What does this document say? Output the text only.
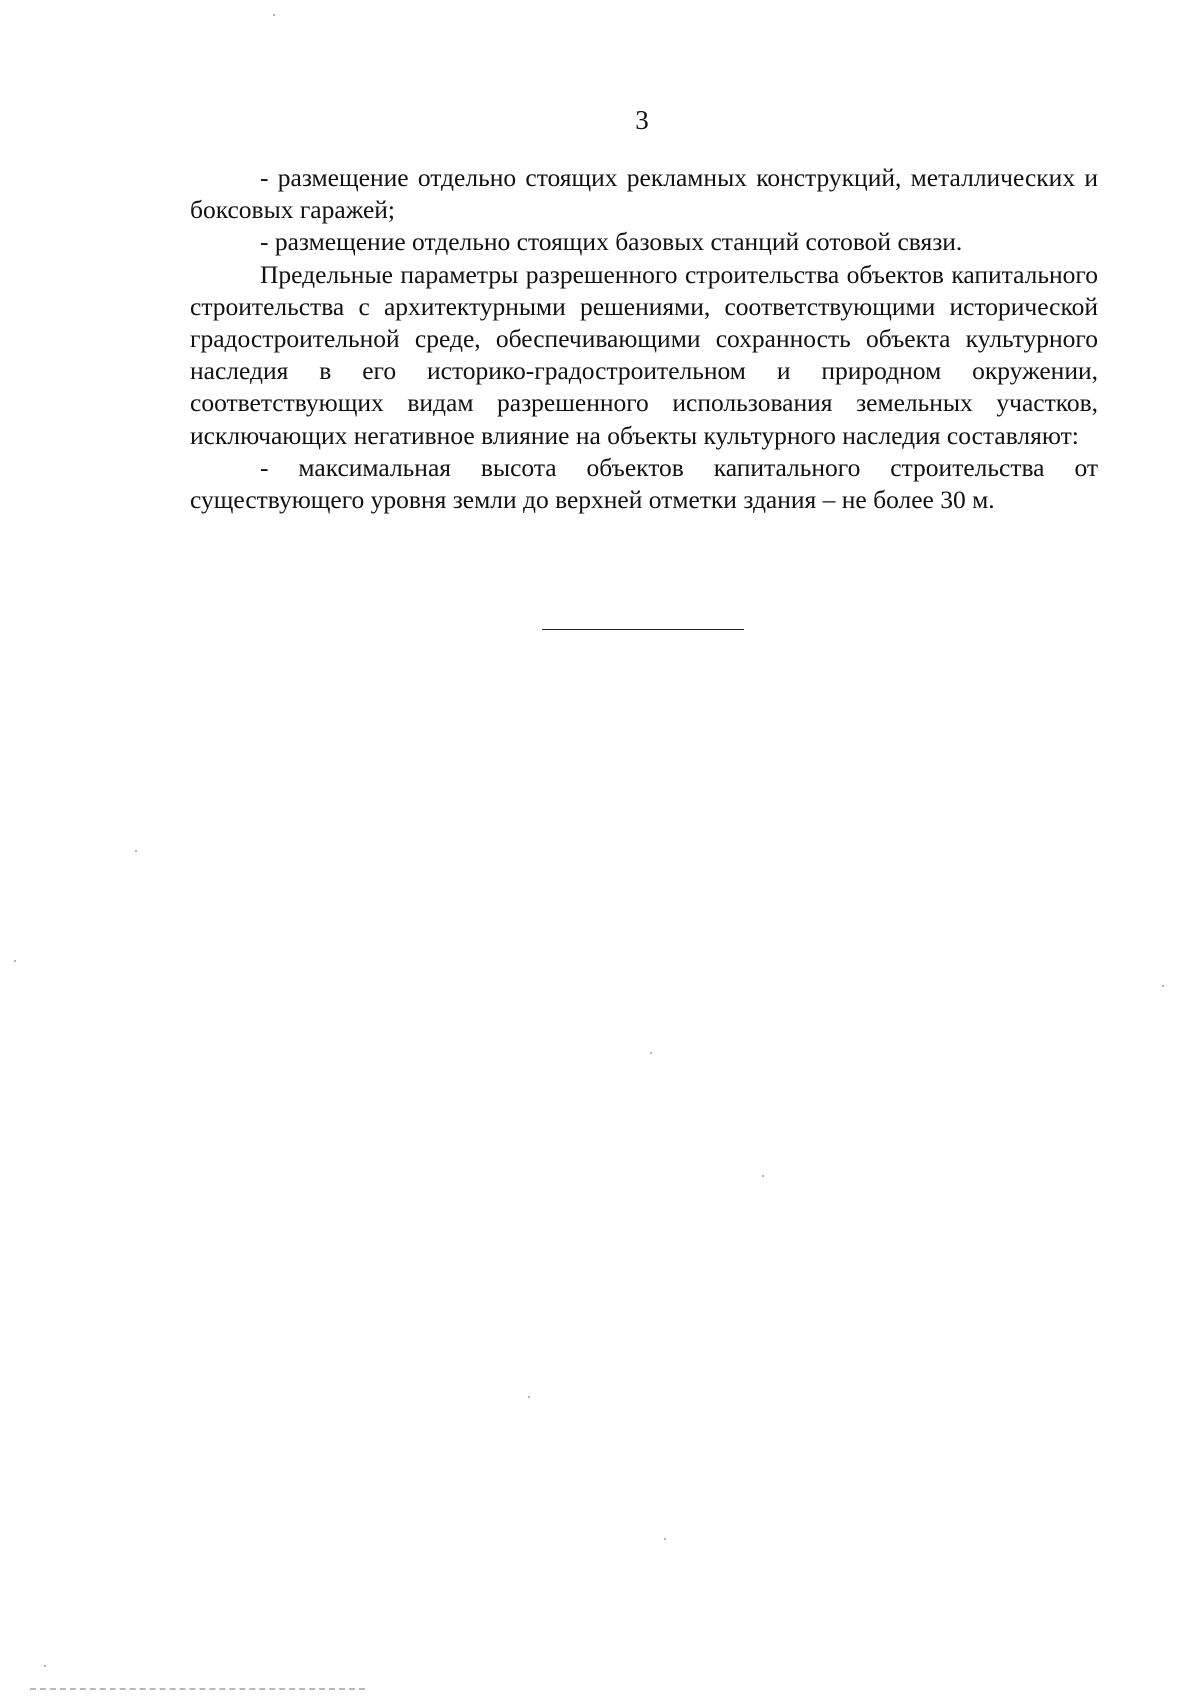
3

- размещение отдельно стоящих рекламных конструкций, металлических и боксовых гаражей;

- размещение отдельно стоящих базовых станций сотовой связи.

Предельные параметры разрешенного строительства объектов капитального строительства с архитектурными решениями, соответствующими исторической градостроительной среде, обеспечивающими сохранность объекта культурного наследия в его историко-градостроительном и природном окружении, соответствующих видам разрешенного использования земельных участков, исключающих негативное влияние на объекты культурного наследия составляют:

- максимальная высота объектов капитального строительства от существующего уровня земли до верхней отметки здания – не более 30 м.
